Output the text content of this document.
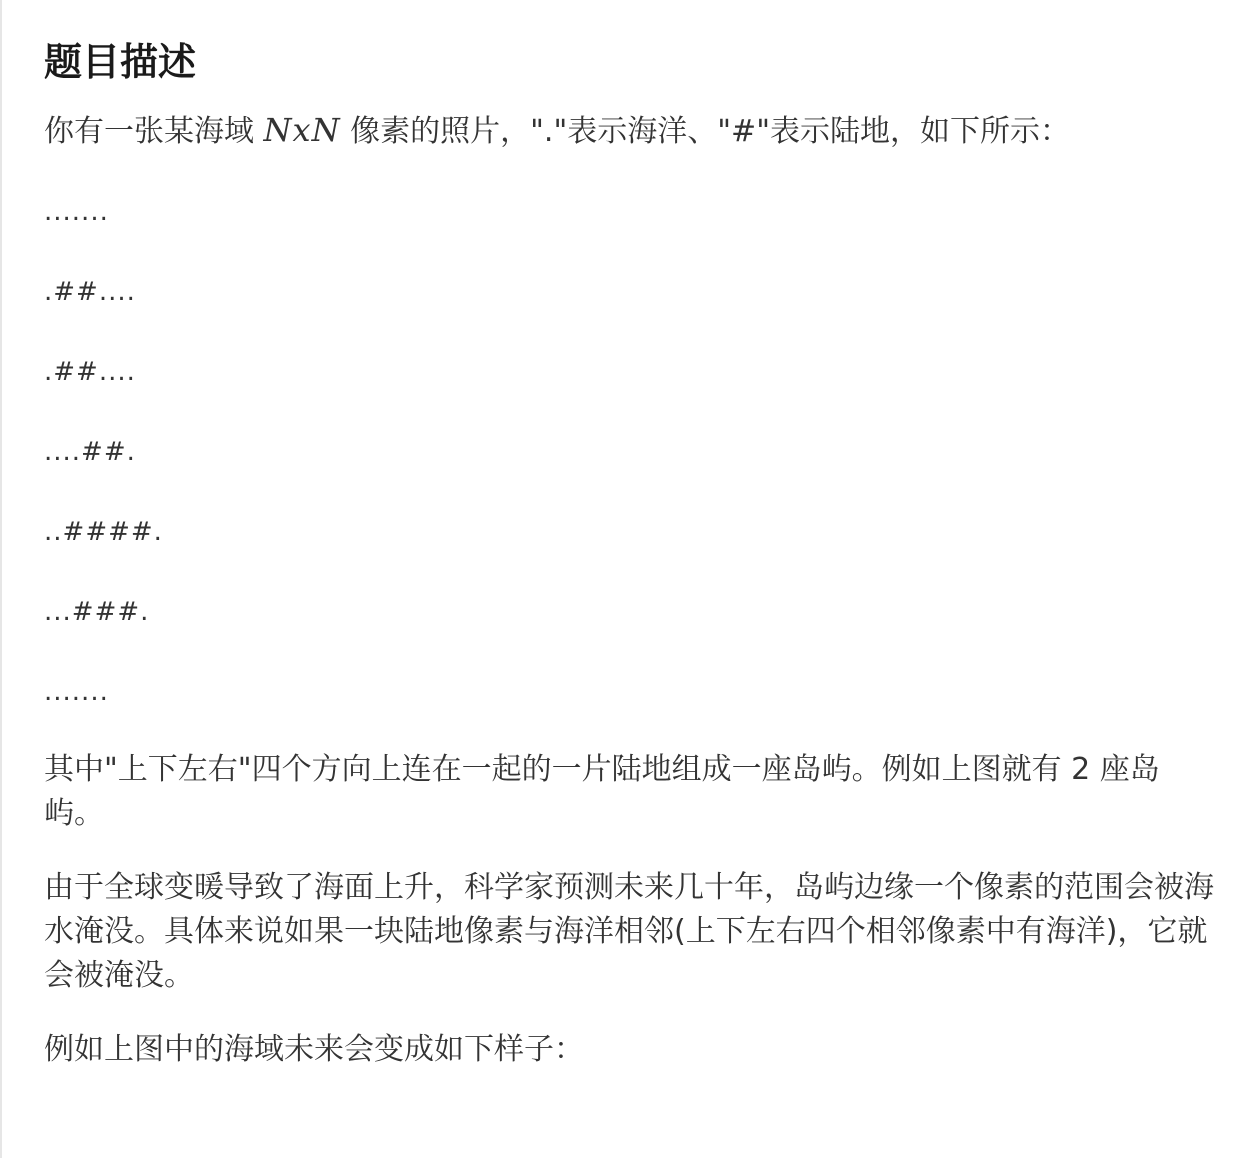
题目描述

你有一张某海域 NxN 像素的照片，"."表示海洋、"#"表示陆地，如下所示：

.......

.##....

.##....

....##.

..####.

...###.

.......

其中"上下左右"四个方向上连在一起的一片陆地组成一座岛屿。例如上图就有 2 座岛屿。

由于全球变暖导致了海面上升，科学家预测未来几十年，岛屿边缘一个像素的范围会被海水淹没。具体来说如果一块陆地像素与海洋相邻(上下左右四个相邻像素中有海洋)，它就会被淹没。

例如上图中的海域未来会变成如下样子：
